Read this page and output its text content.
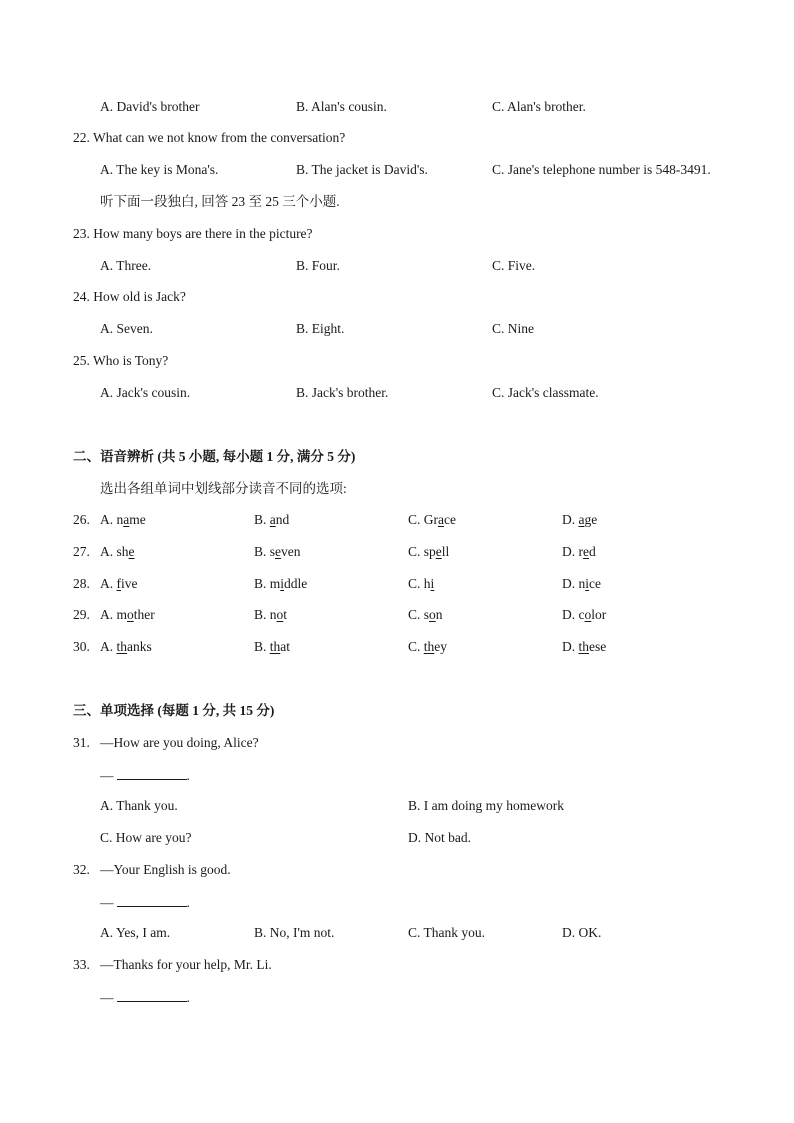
A. David's brother	B. Alan's cousin.	C. Alan's brother.
22. What can we not know from the conversation?
A. The key is Mona's.	B. The jacket is David's.	C. Jane's telephone number is 548-3491.
听下面一段独白, 回答 23 至 25 三个小题.
23. How many boys are there in the picture?
A. Three.	B. Four.	C. Five.
24. How old is Jack?
A. Seven.	B. Eight.	C. Nine
25. Who is Tony?
A. Jack's cousin.	B. Jack's brother.	C. Jack's classmate.
二、语音辨析 (共 5 小题, 每小题 1 分, 满分 5 分)
选出各组单词中划线部分读音不同的选项:
26. A. name	B. and	C. Grace	D. age
27. A. she	B. seven	C. spell	D. red
28. A. five	B. middle	C. hi	D. nice
29. A. mother	B. not	C. son	D. color
30. A. thanks	B. that	C. they	D. these
三、单项选择 (每题 1 分, 共 15 分)
31. —How are you doing, Alice?
—	.
A. Thank you.	B. I am doing my homework
C. How are you?	D. Not bad.
32. —Your English is good.
—	.
A. Yes, I am.	B. No, I'm not.	C. Thank you.	D. OK.
33. —Thanks for your help, Mr. Li.
—	.
